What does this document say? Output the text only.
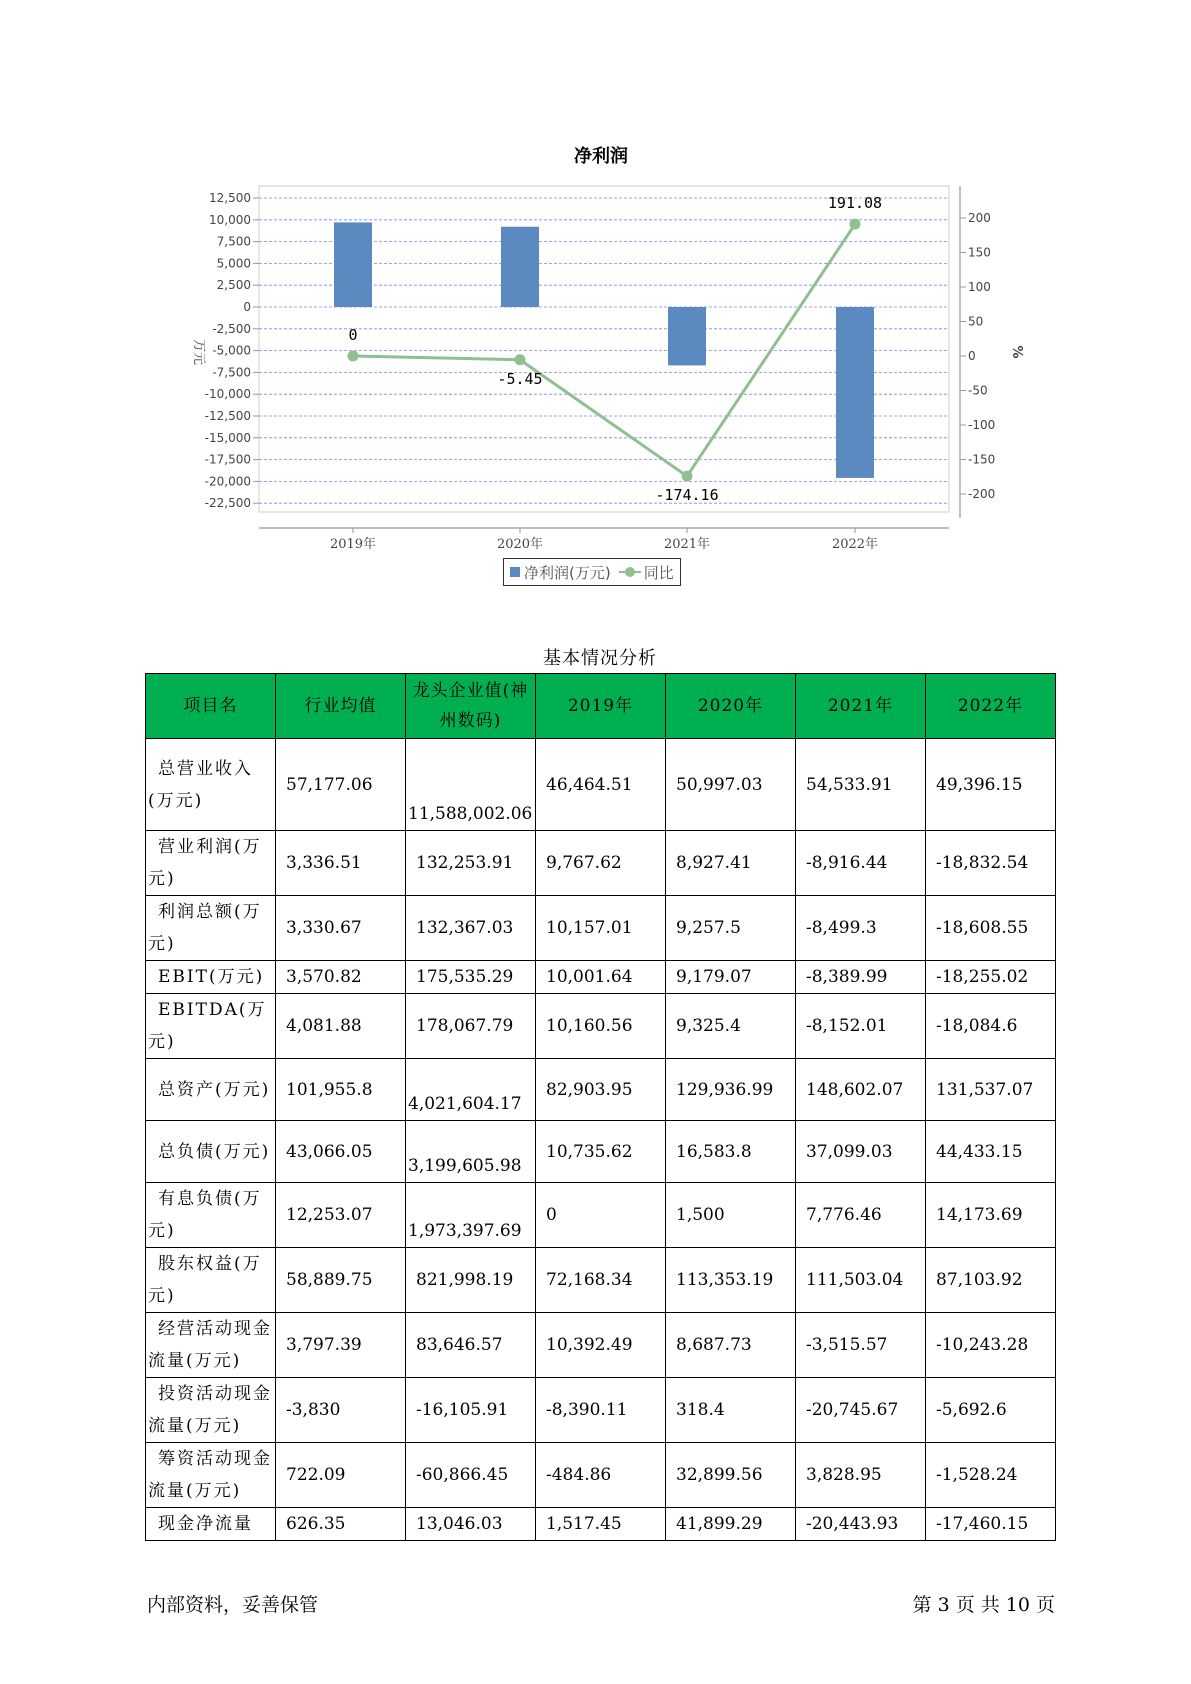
净利润
12,500
10,000
7,500
5,000
2,500
0
-2,500
-5,000
-7,500
-10,000
-12,500
-15,000
-17,500
-20,000
-22,500
200
150
100
50
0
-50
-100
-150
-200
万元	%
2019年	2020年	2021年	2022年
0
-5.45
-174.16
191.08
净利润(万元) 同比
基本情况分析
项目名	行业均值	龙头企业值(神州数码)	2019年	2020年	2021年	2022年
总营业收入(万元)	57,177.06	11,588,002.06	46,464.51	50,997.03	54,533.91	49,396.15
营业利润(万元)	3,336.51	132,253.91	9,767.62	8,927.41	-8,916.44	-18,832.54
利润总额(万元)	3,330.67	132,367.03	10,157.01	9,257.5	-8,499.3	-18,608.55
EBIT(万元)	3,570.82	175,535.29	10,001.64	9,179.07	-8,389.99	-18,255.02
EBITDA(万元)	4,081.88	178,067.79	10,160.56	9,325.4	-8,152.01	-18,084.6
总资产(万元)	101,955.8	4,021,604.17	82,903.95	129,936.99	148,602.07	131,537.07
总负债(万元)	43,066.05	3,199,605.98	10,735.62	16,583.8	37,099.03	44,433.15
有息负债(万元)	12,253.07	1,973,397.69	0	1,500	7,776.46	14,173.69
股东权益(万元)	58,889.75	821,998.19	72,168.34	113,353.19	111,503.04	87,103.92
经营活动现金流量(万元)	3,797.39	83,646.57	10,392.49	8,687.73	-3,515.57	-10,243.28
投资活动现金流量(万元)	-3,830	-16,105.91	-8,390.11	318.4	-20,745.67	-5,692.6
筹资活动现金流量(万元)	722.09	-60,866.45	-484.86	32,899.56	3,828.95	-1,528.24
现金净流量	626.35	13,046.03	1,517.45	41,899.29	-20,443.93	-17,460.15
内部资料，妥善保管	第 3 页 共 10 页
